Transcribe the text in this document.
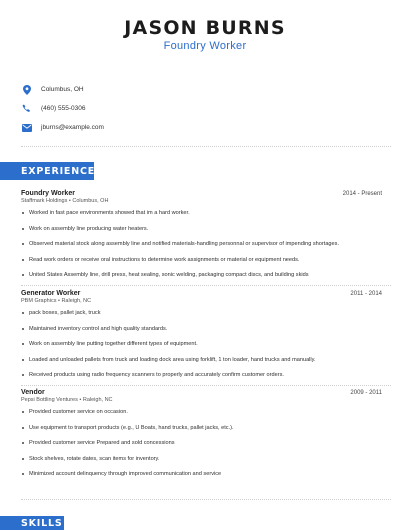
JASON BURNS
Foundry Worker
Columbus, OH
(460) 555-0306
jburns@example.com
EXPERIENCE
Foundry Worker	2014 - Present
Staffmark Holdings • Columbus, OH
Worked in fast pace environments showed that im a hard worker.
Work on assembly line producing water heaters.
Observed material stock along assembly line and notified materials-handling personnal or supervisor of impending shortages.
Read work orders or receive oral instructions to determine work assignments or material or equipment needs.
United States Assembly line, drill press, heat sealing, sonic welding, packaging compact discs, and building skids
Generator Worker	2011 - 2014
PBM Graphics • Raleigh, NC
pack boxes, pallet jack, truck
Maintained inventory control and high quality standards.
Work on assembly line putting together different types of equipment.
Loaded and unloaded pallets from truck and loading dock area using forklift, 1 ton loader, hand trucks and manually.
Received products using radio frequency scanners to properly and accurately confirm customer orders.
Vendor	2009 - 2011
Pepsi Bottling Ventures • Raleigh, NC
Provided customer service on occasion.
Use equipment to transport products (e.g., U Boats, hand trucks, pallet jacks, etc.).
Provided customer service Prepared and sold concessions
Stock shelves, rotate dates, scan items for inventory.
Minimized account delinquency through improved communication and service
SKILLS
